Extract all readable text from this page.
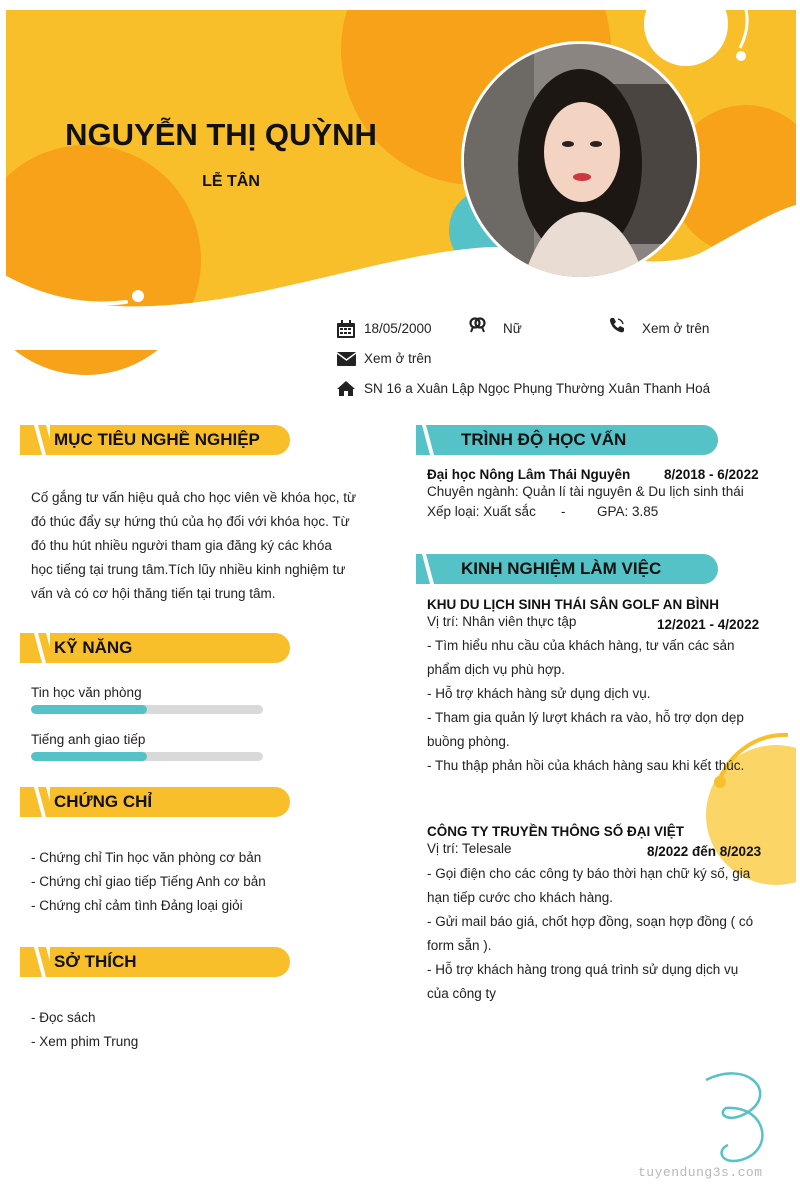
NGUYỄN THỊ QUỲNH
LỄ TÂN
18/05/2000	Nữ	Xem ở trên
Xem ở trên
SN 16 a Xuân Lập Ngọc Phụng Thường Xuân Thanh Hoá
MỤC TIÊU NGHỀ NGHIỆP
Cố gắng tư vấn hiệu quả cho học viên về khóa học, từ
đó thúc đẩy sự hứng thú của họ đối với khóa học. Từ
đó thu hút nhiều người tham gia đăng ký các khóa
học tiếng tại trung tâm.Tích lũy nhiều kinh nghiệm tư
vấn và có cơ hội thăng tiến tại trung tâm.
KỸ NĂNG
Tin học văn phòng
Tiếng anh giao tiếp
CHỨNG CHỈ
- Chứng chỉ Tin học văn phòng cơ bản
- Chứng chỉ giao tiếp Tiếng Anh cơ bản
- Chứng chỉ cảm tình Đảng loại giỏi
SỞ THÍCH
- Đọc sách
- Xem phim Trung
TRÌNH ĐỘ HỌC VẤN
Đại học Nông Lâm Thái Nguyên 8/2018 - 6/2022
Chuyên ngành: Quản lí tài nguyên & Du lịch sinh thái
Xếp loại: Xuất sắc - GPA: 3.85
KINH NGHIỆM LÀM VIỆC
KHU DU LỊCH SINH THÁI SÂN GOLF AN BÌNH
Vị trí: Nhân viên thực tập	12/2021 - 4/2022
- Tìm hiểu nhu cầu của khách hàng, tư vấn các sản
phẩm dịch vụ phù hợp.
- Hỗ trợ khách hàng sử dụng dịch vụ.
- Tham gia quản lý lượt khách ra vào, hỗ trợ dọn dẹp
buồng phòng.
- Thu thập phản hồi của khách hàng sau khi kết thúc.
CÔNG TY TRUYỀN THÔNG SỐ ĐẠI VIỆT
Vị trí: Telesale	8/2022 đến 8/2023
- Gọi điện cho các công ty báo thời hạn chữ ký số, gia
hạn tiếp cước cho khách hàng.
- Gửi mail báo giá, chốt hợp đồng, soạn hợp đồng ( có
form sẵn ).
- Hỗ trợ khách hàng trong quá trình sử dụng dịch vụ
của công ty
tuyendung3s.com
